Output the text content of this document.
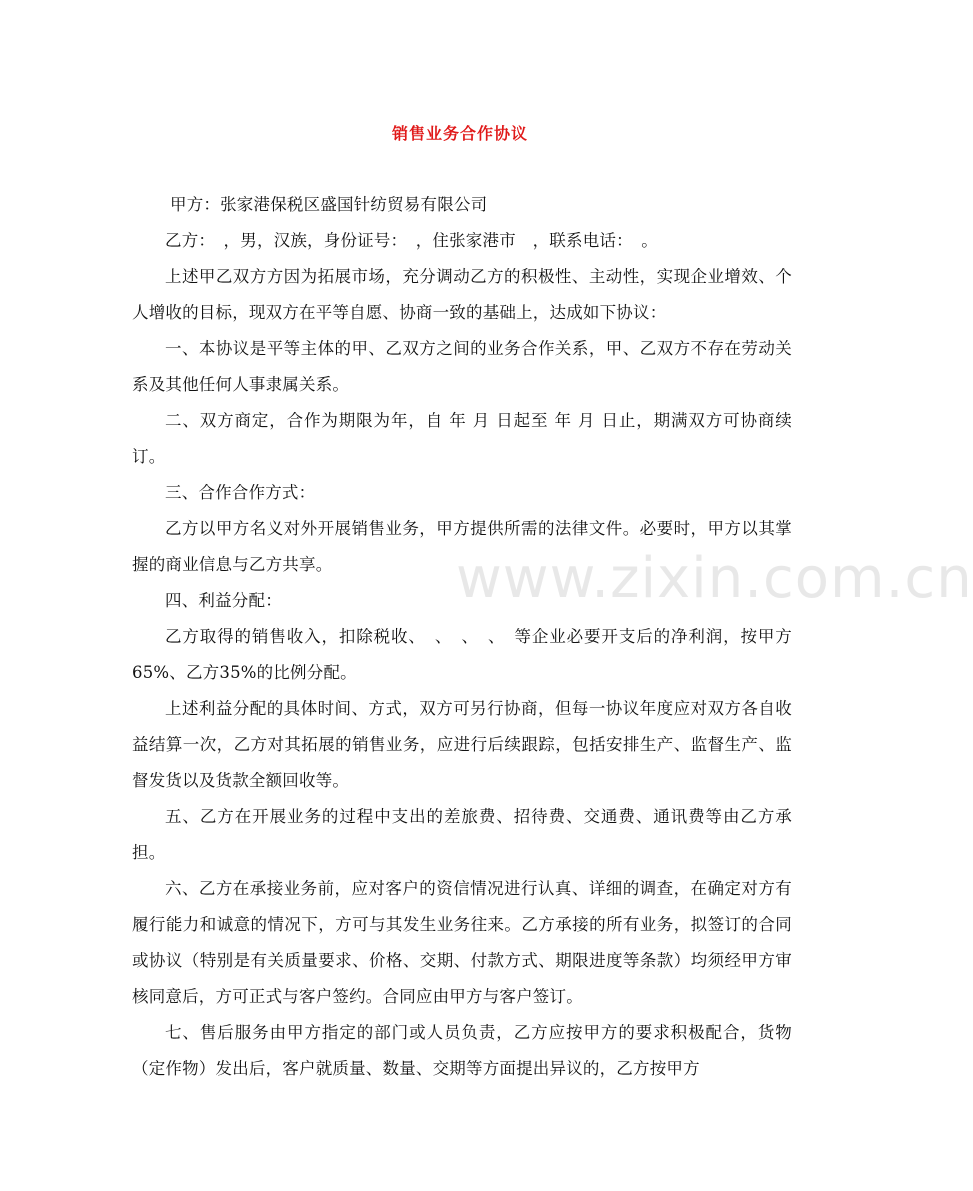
销售业务合作协议

甲方：张家港保税区盛国针纺贸易有限公司

乙方：　，男，汉族，身份证号：　，住张家港市　，联系电话：　。

上述甲乙双方方因为拓展市场，充分调动乙方的积极性、主动性，实现企业增效、个人增收的目标，现双方在平等自愿、协商一致的基础上，达成如下协议：

一、本协议是平等主体的甲、乙双方之间的业务合作关系，甲、乙双方不存在劳动关系及其他任何人事隶属关系。

二、双方商定，合作为期限为年，自 年 月 日起至 年 月 日止，期满双方可协商续订。

三、合作合作方式：

乙方以甲方名义对外开展销售业务，甲方提供所需的法律文件。必要时，甲方以其掌握的商业信息与乙方共享。

四、利益分配：

乙方取得的销售收入，扣除税收、　、　、　、　等企业必要开支后的净利润，按甲方65%、乙方35%的比例分配。

上述利益分配的具体时间、方式，双方可另行协商，但每一协议年度应对双方各自收益结算一次，乙方对其拓展的销售业务，应进行后续跟踪，包括安排生产、监督生产、监督发货以及货款全额回收等。

五、乙方在开展业务的过程中支出的差旅费、招待费、交通费、通讯费等由乙方承担。

六、乙方在承接业务前，应对客户的资信情况进行认真、详细的调查，在确定对方有履行能力和诚意的情况下，方可与其发生业务往来。乙方承接的所有业务，拟签订的合同或协议（特别是有关质量要求、价格、交期、付款方式、期限进度等条款）均须经甲方审核同意后，方可正式与客户签约。合同应由甲方与客户签订。

七、售后服务由甲方指定的部门或人员负责，乙方应按甲方的要求积极配合，货物（定作物）发出后，客户就质量、数量、交期等方面提出异议的，乙方按甲方

www.zixin.com.cn
